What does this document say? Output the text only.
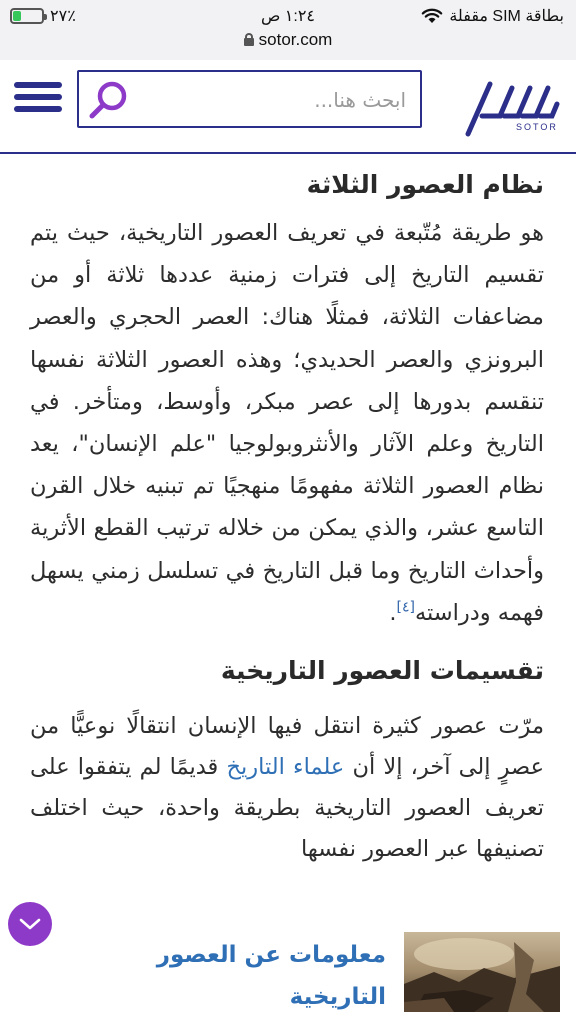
٢٧٪	١:٢٤ ص	بطاقة SIM مقفلة
sotor.com
ابحث هنا...
SOTOR
نظام العصور الثلاثة

هو طريقة مُتّبعة في تعريف العصور التاريخية، حيث يتم تقسيم التاريخ إلى فترات زمنية عددها ثلاثة أو من مضاعفات الثلاثة، فمثلًا هناك: العصر الحجري والعصر البرونزي والعصر الحديدي؛ وهذه العصور الثلاثة نفسها تنقسم بدورها إلى عصر مبكر، وأوسط، ومتأخر. في التاريخ وعلم الآثار والأنثروبولوجيا "علم الإنسان"، يعد نظام العصور الثلاثة مفهومًا منهجيًا تم تبنيه خلال القرن التاسع عشر، والذي يمكن من خلاله ترتيب القطع الأثرية وأحداث التاريخ وما قبل التاريخ في تسلسل زمني يسهل فهمه ودراسته[٤].

تقسيمات العصور التاريخية

مرّت عصور كثيرة انتقل فيها الإنسان انتقالًا نوعيًّا من عصرٍ إلى آخر، إلا أن علماء التاريخ قديمًا لم يتفقوا على تعريف العصور التاريخية بطريقة واحدة، حيث اختلف تصنيفها عبر العصور نفسها

معلومات عن العصور التاريخية
